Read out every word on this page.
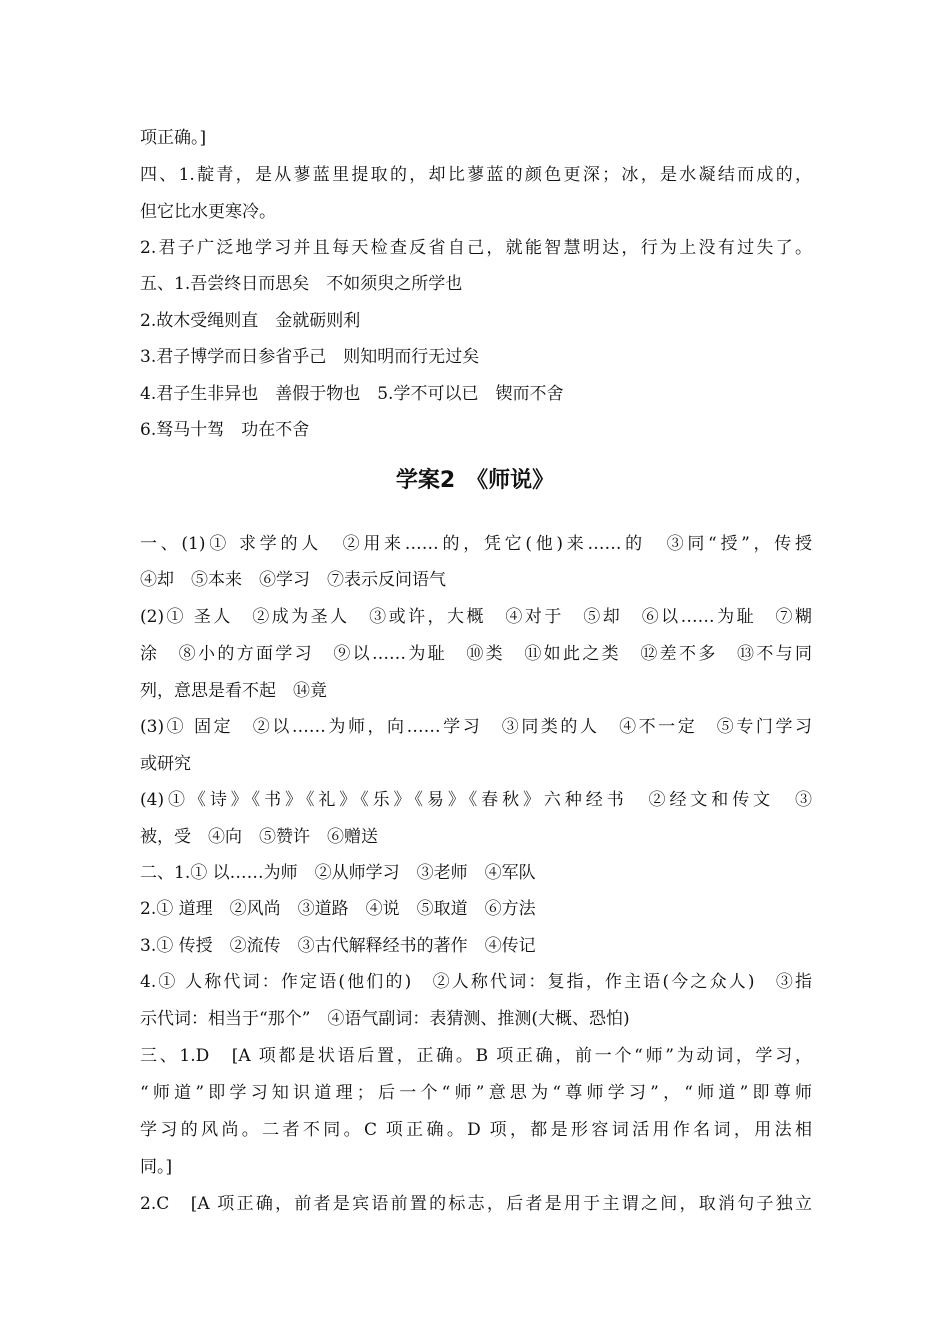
项正确。]
四、1.靛青，是从蓼蓝里提取的，却比蓼蓝的颜色更深；冰，是水凝结而成的，
但它比水更寒冷。
2.君子广泛地学习并且每天检查反省自己，就能智慧明达，行为上没有过失了。
五、1.吾尝终日而思矣　不如须臾之所学也
2.故木受绳则直　金就砺则利
3.君子博学而日参省乎己　则知明而行无过矣
4.君子生非异也　善假于物也　5.学不可以已　锲而不舍
6.驽马十驾　功在不舍
学案2　《师说》
一、(1)① 求学的人　②用来……的，凭它(他)来……的　③同“授”，传授
④却　⑤本来　⑥学习　⑦表示反问语气
(2)① 圣人　②成为圣人　③或许，大概　④对于　⑤却　⑥以……为耻　⑦糊
涂　⑧小的方面学习　⑨以……为耻　⑩类　⑪如此之类　⑫差不多　⑬不与同
列，意思是看不起　⑭竟
(3)① 固定　②以……为师，向……学习　③同类的人　④不一定　⑤专门学习
或研究
(4)①《诗》《书》《礼》《乐》《易》《春秋》六种经书　②经文和传文　③
被，受　④向　⑤赞许　⑥赠送
二、1.① 以……为师　②从师学习　③老师　④军队
2.① 道理　②风尚　③道路　④说　⑤取道　⑥方法
3.① 传授　②流传　③古代解释经书的著作　④传记
4.① 人称代词：作定语(他们的)　②人称代词：复指，作主语(今之众人)　③指
示代词：相当于“那个”　④语气副词：表猜测、推测(大概、恐怕)
三、1.D　[A 项都是状语后置，正确。B 项正确，前一个“师”为动词，学习，
“师道”即学习知识道理；后一个“师”意思为“尊师学习”，“师道”即尊师
学习的风尚。二者不同。C 项正确。D 项，都是形容词活用作名词，用法相
同。]
2.C　[A 项正确，前者是宾语前置的标志，后者是用于主谓之间，取消句子独立
